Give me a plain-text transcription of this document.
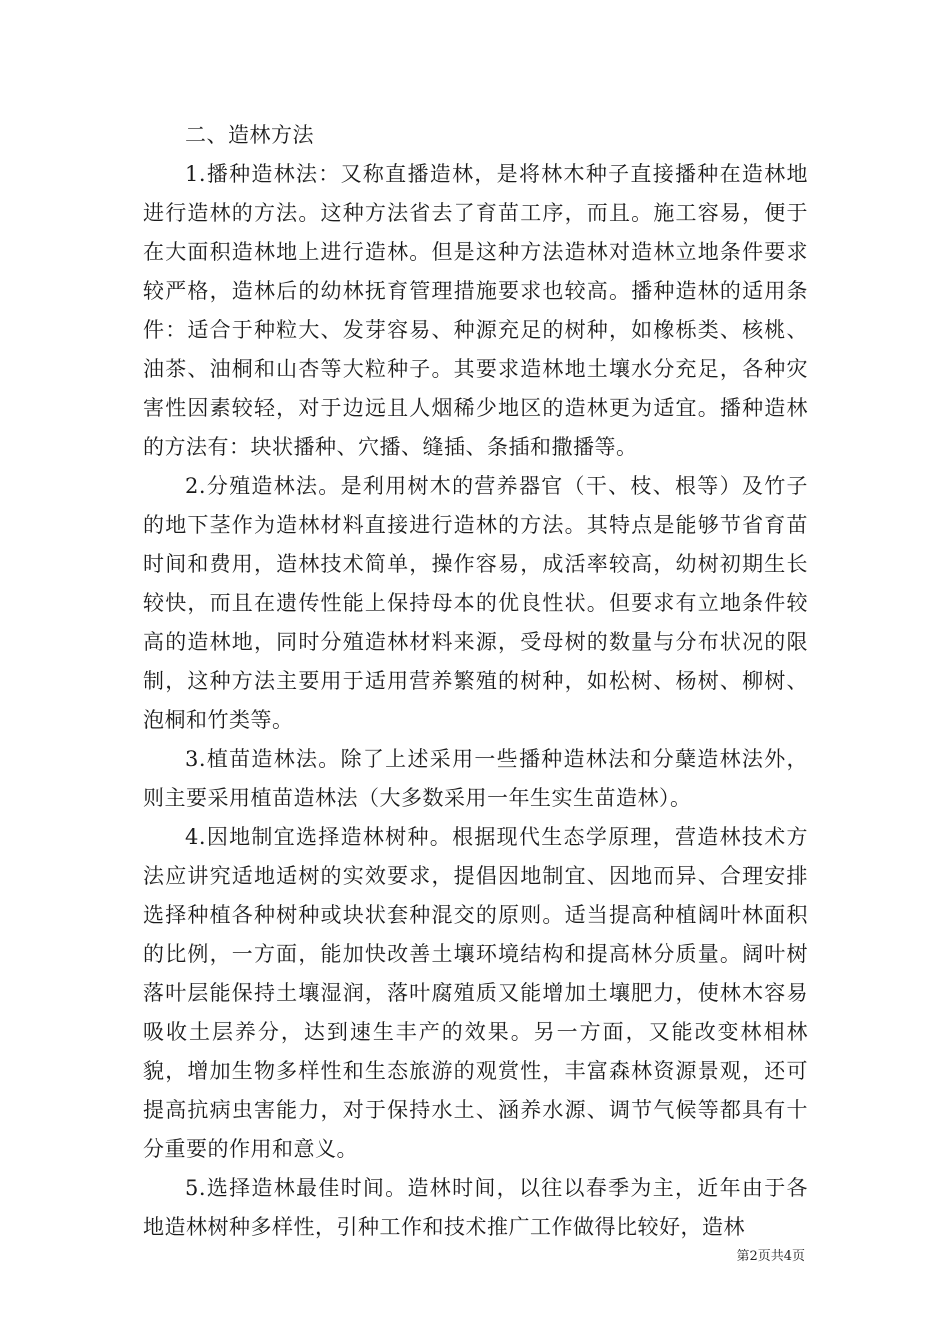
二、造林方法

1.播种造林法：又称直播造林，是将林木种子直接播种在造林地进行造林的方法。这种方法省去了育苗工序，而且。施工容易，便于在大面积造林地上进行造林。但是这种方法造林对造林立地条件要求较严格，造林后的幼林抚育管理措施要求也较高。播种造林的适用条件：适合于种粒大、发芽容易、种源充足的树种，如橡栎类、核桃、油茶、油桐和山杏等大粒种子。其要求造林地土壤水分充足，各种灾害性因素较轻，对于边远且人烟稀少地区的造林更为适宜。播种造林的方法有：块状播种、穴播、缝插、条插和撒播等。

2.分殖造林法。是利用树木的营养器官（干、枝、根等）及竹子的地下茎作为造林材料直接进行造林的方法。其特点是能够节省育苗时间和费用，造林技术简单，操作容易，成活率较高，幼树初期生长较快，而且在遗传性能上保持母本的优良性状。但要求有立地条件较高的造林地，同时分殖造林材料来源，受母树的数量与分布状况的限制，这种方法主要用于适用营养繁殖的树种，如松树、杨树、柳树、泡桐和竹类等。

3.植苗造林法。除了上述采用一些播种造林法和分蘖造林法外，则主要采用植苗造林法（大多数采用一年生实生苗造林）。

4.因地制宜选择造林树种。根据现代生态学原理，营造林技术方法应讲究适地适树的实效要求，提倡因地制宜、因地而异、合理安排选择种植各种树种或块状套种混交的原则。适当提高种植阔叶林面积的比例，一方面，能加快改善土壤环境结构和提高林分质量。阔叶树落叶层能保持土壤湿润，落叶腐殖质又能增加土壤肥力，使林木容易吸收土层养分，达到速生丰产的效果。另一方面，又能改变林相林貌，增加生物多样性和生态旅游的观赏性，丰富森林资源景观，还可提高抗病虫害能力，对于保持水土、涵养水源、调节气候等都具有十分重要的作用和意义。

5.选择造林最佳时间。造林时间，以往以春季为主，近年由于各地造林树种多样性，引种工作和技术推广工作做得比较好，造林

第2页共4页
